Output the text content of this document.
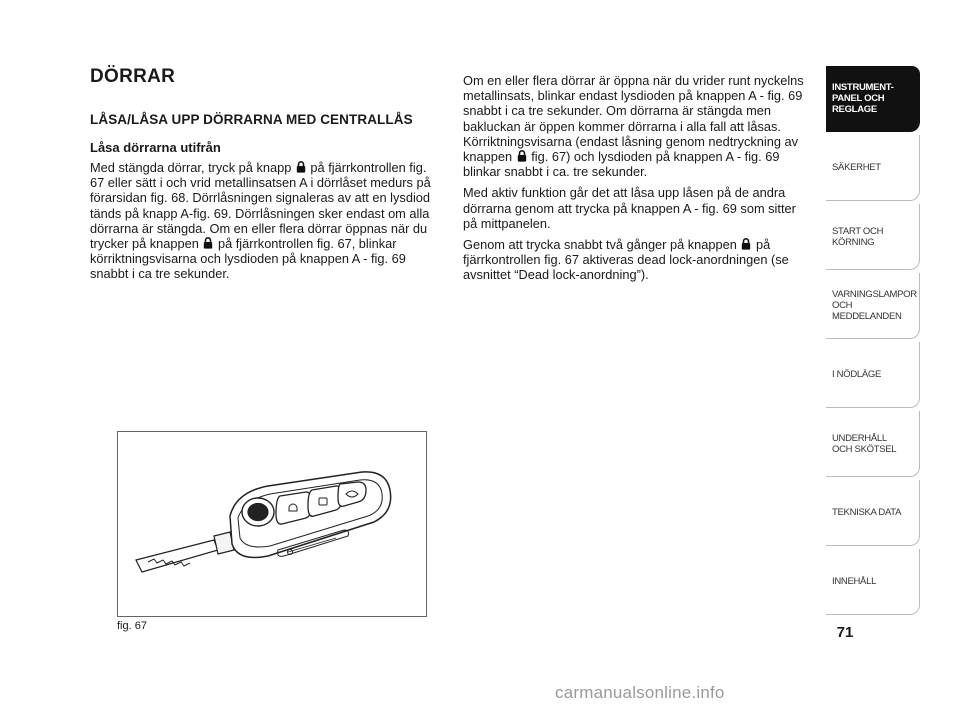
DÖRRAR
LÅSA/LÅSA UPP DÖRRARNA MED CENTRALLÅS
Låsa dörrarna utifrån

Med stängda dörrar, tryck på knapp  på fjärrkontrollen fig. 67 eller sätt i och vrid metallinsatsen A i dörrlåset medurs på förarsidan fig. 68. Dörrlåsningen signaleras av att en lysdiod tänds på knapp A-fig. 69. Dörrlåsningen sker endast om alla dörrarna är stängda. Om en eller flera dörrar öppnas när du trycker på knappen  på fjärrkontrollen fig. 67, blinkar körriktningsvisarna och lysdioden på knappen A - fig. 69 snabbt i ca tre sekunder.

Om en eller flera dörrar är öppna när du vrider runt nyckelns metallinsats, blinkar endast lysdioden på knappen A - fig. 69 snabbt i ca tre sekunder. Om dörrarna är stängda men bakluckan är öppen kommer dörrarna i alla fall att låsas. Körriktningsvisarna (endast låsning genom nedtryckning av knappen  fig. 67) och lysdioden på knappen A - fig. 69 blinkar snabbt i ca. tre sekunder.

Med aktiv funktion går det att låsa upp låsen på de andra dörrarna genom att trycka på knappen A - fig. 69 som sitter på mittpanelen.

Genom att trycka snabbt två gånger på knappen  på fjärrkontrollen fig. 67 aktiveras dead lock-anordningen (se avsnittet “Dead lock-anordning”).

fig. 67	71
INSTRUMENT-
PANEL OCH
REGLAGE
SÄKERHET
START OCH
KÖRNING
VARNINGSLAMPOR
OCH
MEDDELANDEN
I NÖDLÄGE
UNDERHÅLL
OCH SKÖTSEL
TEKNISKA DATA
INNEHÅLL
carmanualsonline.info
